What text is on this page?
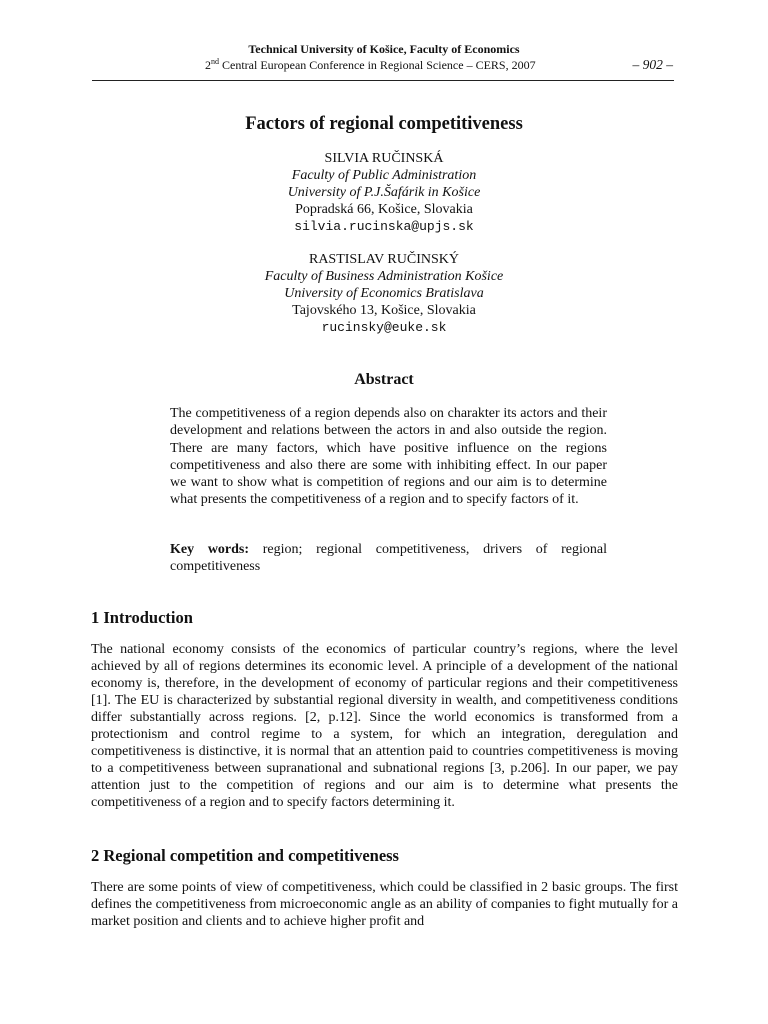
Technical University of Košice, Faculty of Economics
2nd Central European Conference in Regional Science – CERS, 2007	– 902 –
Factors of regional competitiveness
SILVIA RUČINSKÁ
Faculty of Public Administration
University of P.J.Šafárik in Košice
Popradská 66, Košice, Slovakia
silvia.rucinska@upjs.sk
RASTISLAV RUČINSKÝ
Faculty of Business Administration Košice
University of Economics Bratislava
Tajovského 13, Košice, Slovakia
rucinsky@euke.sk
Abstract

The competitiveness of a region depends also on charakter its actors and their development and relations between the actors in and also outside the region. There are many factors, which have positive influence on the regions competitiveness and also there are some with inhibiting effect. In our paper we want to show what is competition of regions and our aim is to determine what presents the competitiveness of a region and to specify factors of it.

Key words: region; regional competitiveness, drivers of regional competitiveness

1 Introduction

The national economy consists of the economics of particular country’s regions, where the level achieved by all of regions determines its economic level. A principle of a development of the national economy is, therefore, in the development of economy of particular regions and their competitiveness [1]. The EU is characterized by substantial regional diversity in wealth, and competitiveness conditions differ substantially across regions. [2, p.12]. Since the world economics is transformed from a protectionism and control regime to a system, for which an integration, deregulation and competitiveness is distinctive, it is normal that an attention paid to countries competitiveness is moving to a competitiveness between supranational and subnational regions [3, p.206]. In our paper, we pay attention just to the competition of regions and our aim is to determine what presents the competitiveness of a region and to specify factors determining it.

2 Regional competition and competitiveness

There are some points of view of competitiveness, which could be classified in 2 basic groups. The first defines the competitiveness from microeconomic angle as an ability of companies to fight mutually for a market position and clients and to achieve higher profit and
